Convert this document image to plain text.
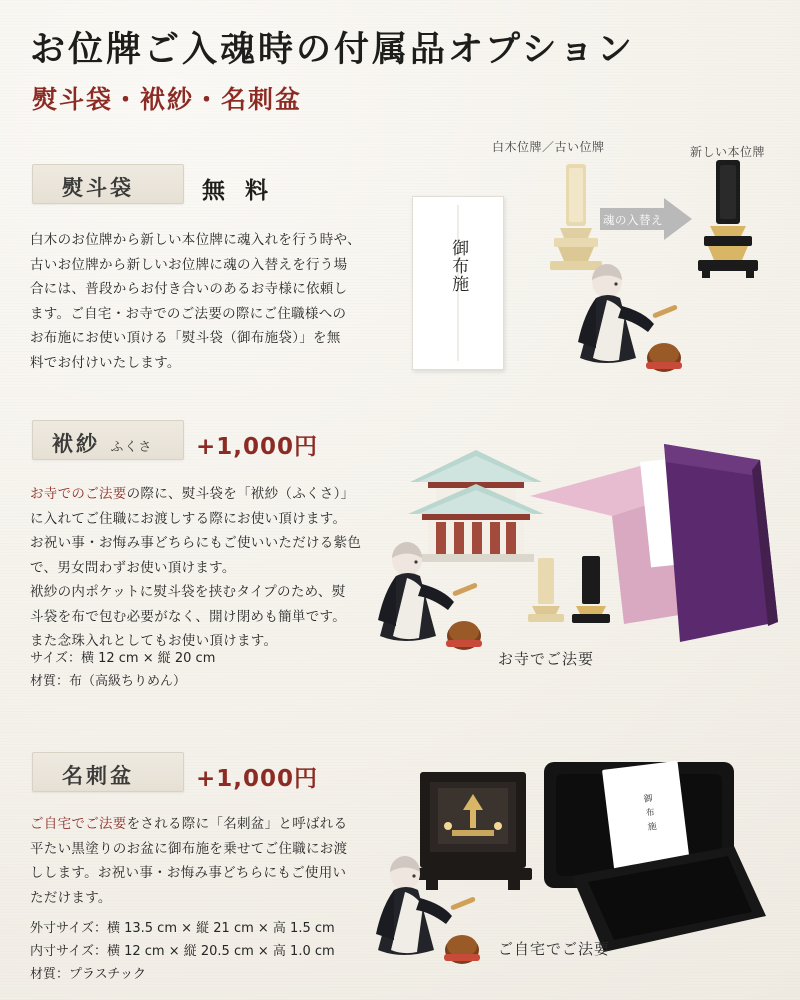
お位牌ご入魂時の付属品オプション
熨斗袋・袱紗・名刺盆
白木位牌／古い位牌	新しい本位牌
御布施
魂の入替え
熨斗袋	無 料
白木のお位牌から新しい本位牌に魂入れを行う時や、
古いお位牌から新しいお位牌に魂の入替えを行う場
合には、普段からお付き合いのあるお寺様に依頼し
ます。ご自宅・お寺でのご法要の際にご住職様への
お布施にお使い頂ける「熨斗袋（御布施袋）」を無
料でお付けいたします。
袱紗 ふくさ +1,000円
お寺でのご法要の際に、熨斗袋を「袱紗（ふくさ）」
に入れてご住職にお渡しする際にお使い頂けます。
お祝い事・お悔み事どちらにもご使いいただける紫色
で、男女問わずお使い頂けます。
袱紗の内ポケットに熨斗袋を挟むタイプのため、熨
斗袋を布で包む必要がなく、開け閉めも簡単です。
また念珠入れとしてもお使い頂けます。
サイズ：横 12 cm × 縦 20 cm
材質：布（高級ちりめん）
お寺でご法要
名刺盆	+1,000円
ご自宅でご法要をされる際に「名刺盆」と呼ばれる
平たい黒塗りのお盆に御布施を乗せてご住職にお渡
しします。お祝い事・お悔み事どちらにもご使用い
ただけます。
外寸サイズ：横 13.5 cm × 縦 21 cm × 高 1.5 cm
内寸サイズ：横 12 cm × 縦 20.5 cm × 高 1.0 cm
材質：プラスチック
御
布
施
ご自宅でご法要
